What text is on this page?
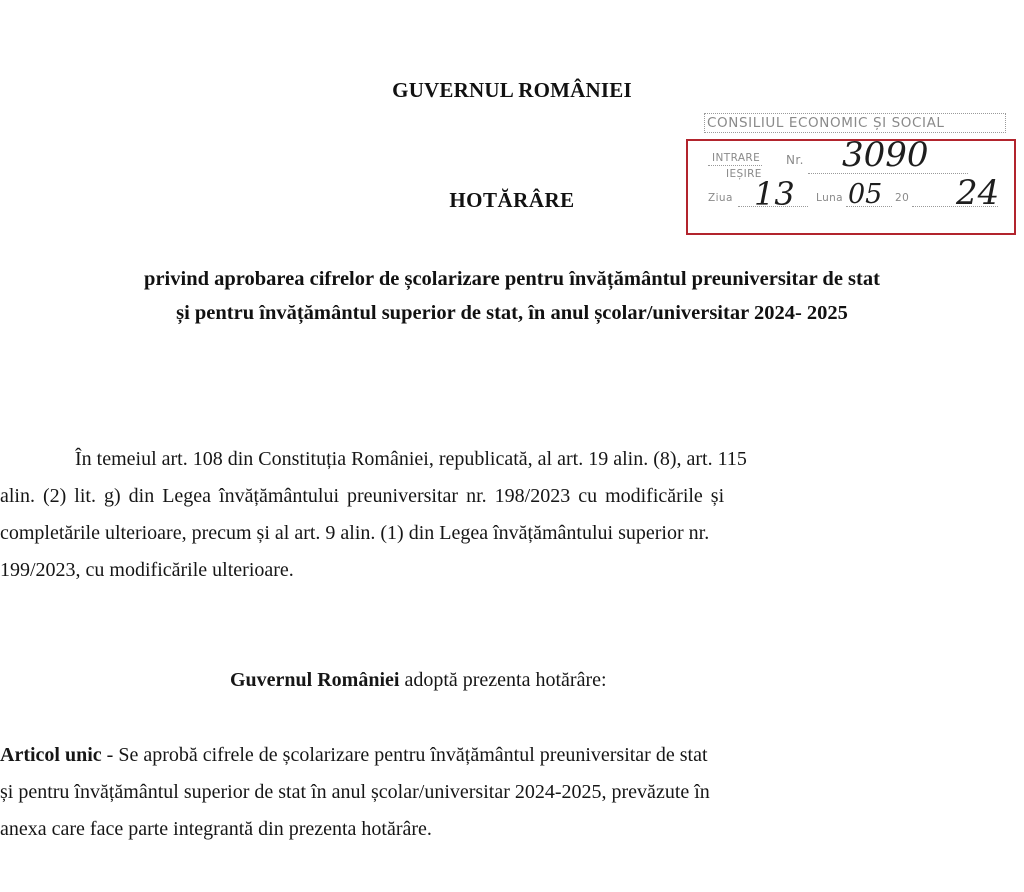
GUVERNUL ROMÂNIEI
HOTĂRÂRE
privind aprobarea cifrelor de școlarizare pentru învățământul preuniversitar de stat
și pentru învățământul superior de stat, în anul școlar/universitar 2024- 2025
CONSILIUL ECONOMIC ȘI SOCIAL
INTRARE
IEȘIRE
Nr. 3090
Ziua 13 Luna 05 20 24
În temeiul art. 108 din Constituția României, republicată, al art. 19 alin. (8), art. 115
alin. (2) lit. g) din Legea învățământului preuniversitar nr. 198/2023 cu modificările și
completările ulterioare, precum și al art. 9 alin. (1) din Legea învățământului superior nr.
199/2023, cu modificările ulterioare.
Guvernul României adoptă prezenta hotărâre:
Articol unic - Se aprobă cifrele de școlarizare pentru învățământul preuniversitar de stat
și pentru învățământul superior de stat în anul școlar/universitar 2024-2025, prevăzute în
anexa care face parte integrantă din prezenta hotărâre.
